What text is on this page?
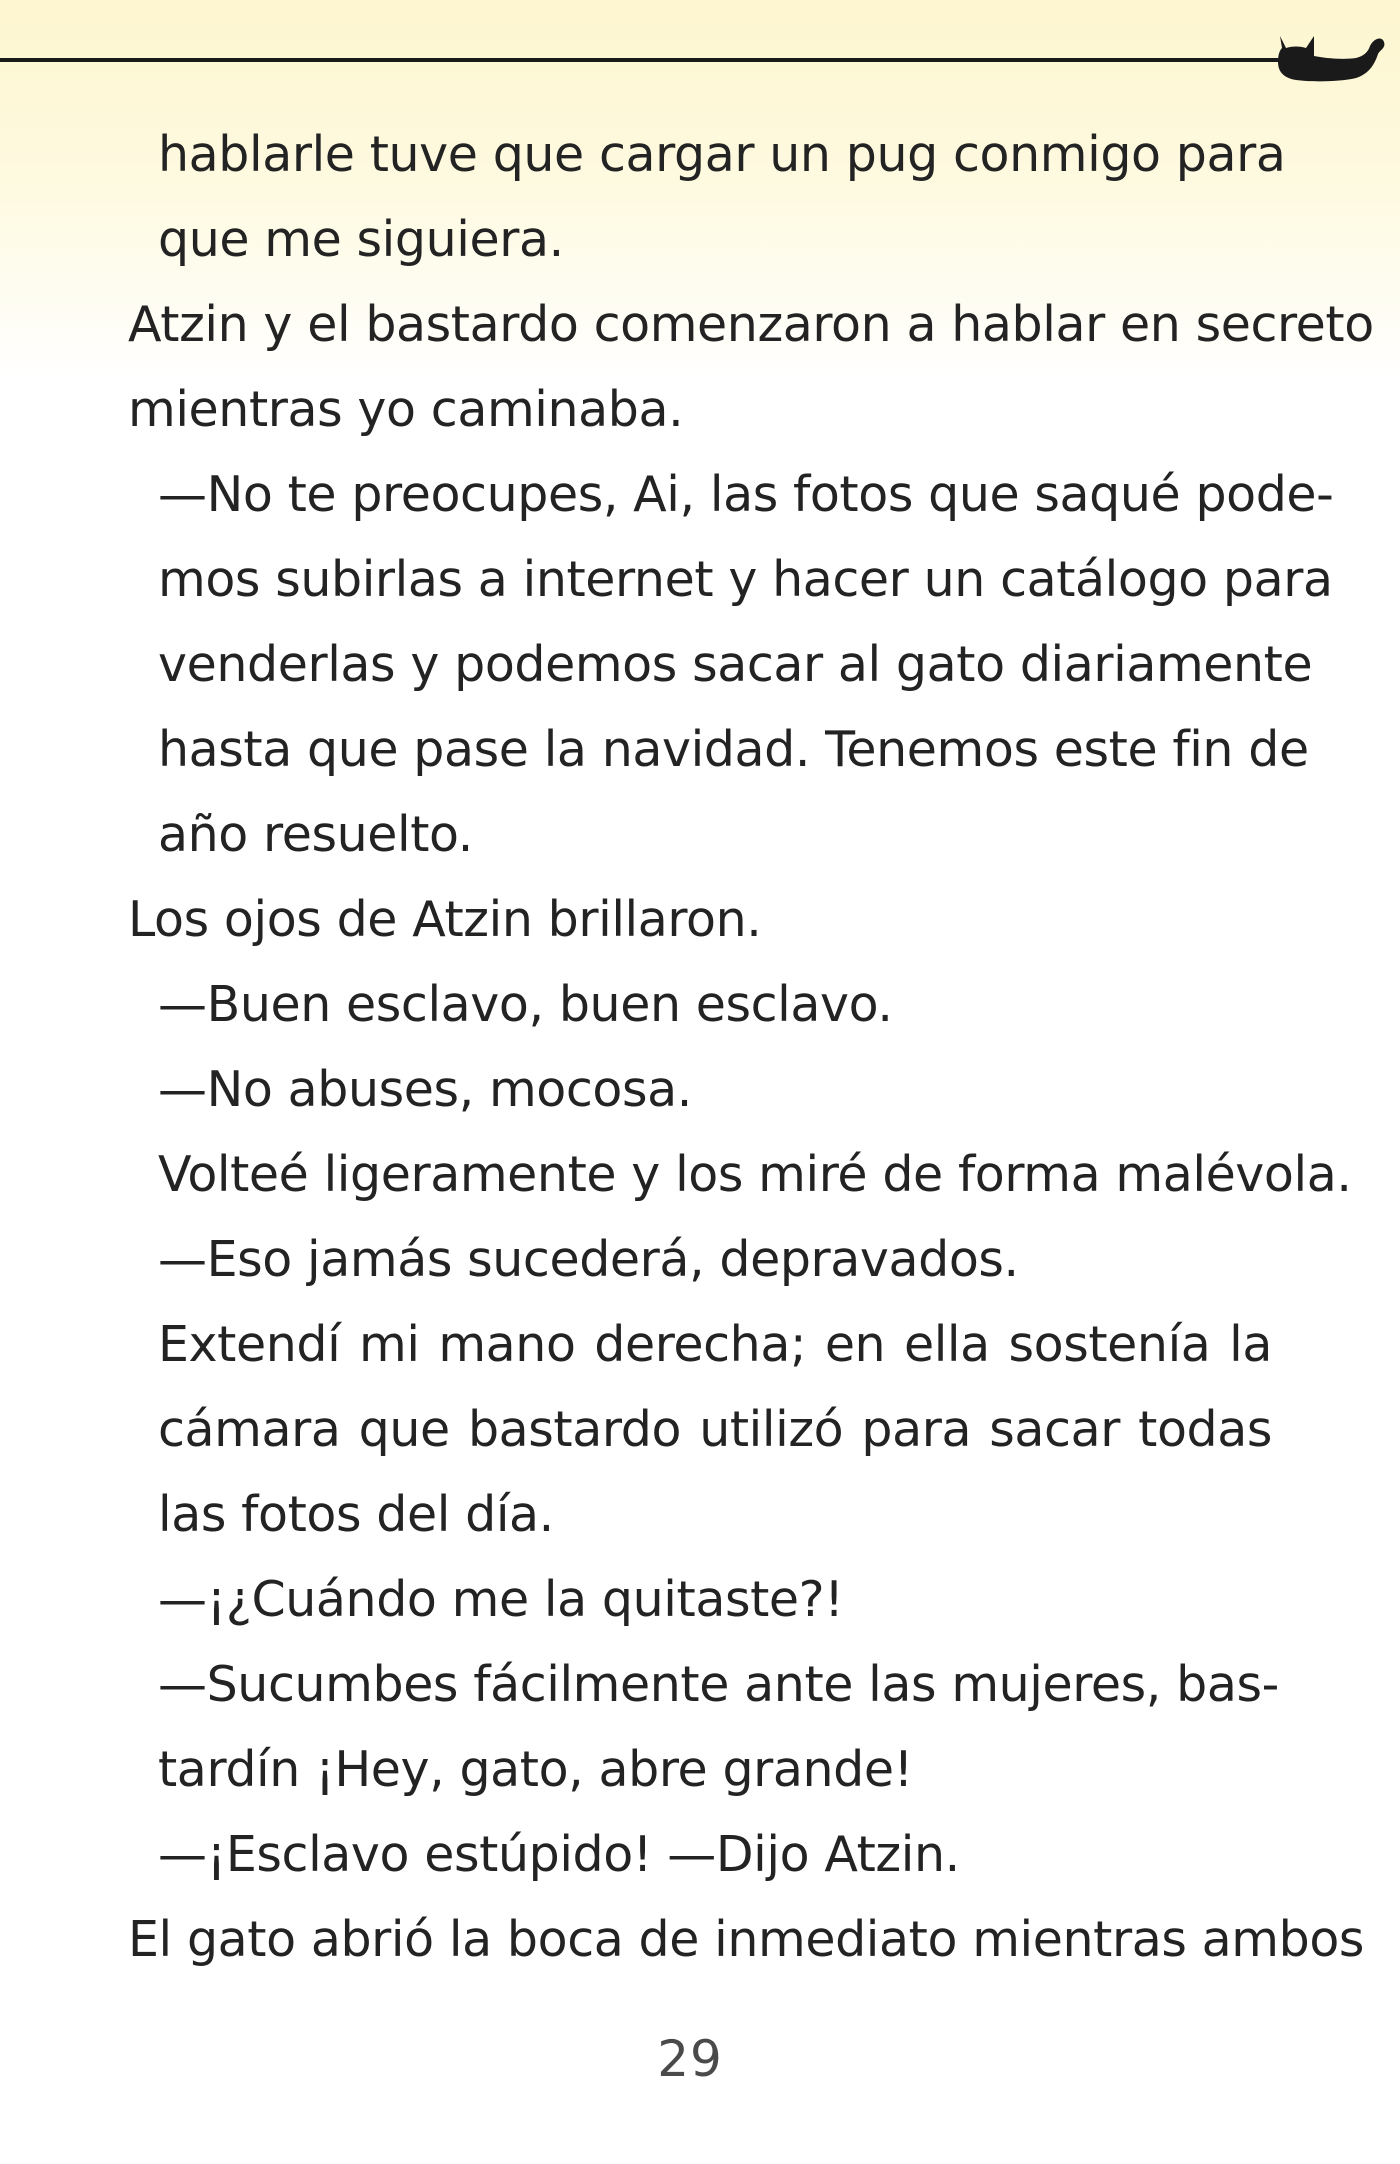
hablarle tuve que cargar un pug conmigo para
que me siguiera.
Atzin y el bastardo comenzaron a hablar en secreto
mientras yo caminaba.
—No te preocupes, Ai, las fotos que saqué pode-
mos subirlas a internet y hacer un catálogo para
venderlas y podemos sacar al gato diariamente
hasta que pase la navidad. Tenemos este fin de
año resuelto.
Los ojos de Atzin brillaron.
—Buen esclavo, buen esclavo.
—No abuses, mocosa.
Volteé ligeramente y los miré de forma malévola.
—Eso jamás sucederá, depravados.
Extendí mi mano derecha; en ella sostenía la
cámara que bastardo utilizó para sacar todas
las fotos del día.
—¡¿Cuándo me la quitaste?!
—Sucumbes fácilmente ante las mujeres, bas-
tardín ¡Hey, gato, abre grande!
—¡Esclavo estúpido! —Dijo Atzin.
El gato abrió la boca de inmediato mientras ambos
29
